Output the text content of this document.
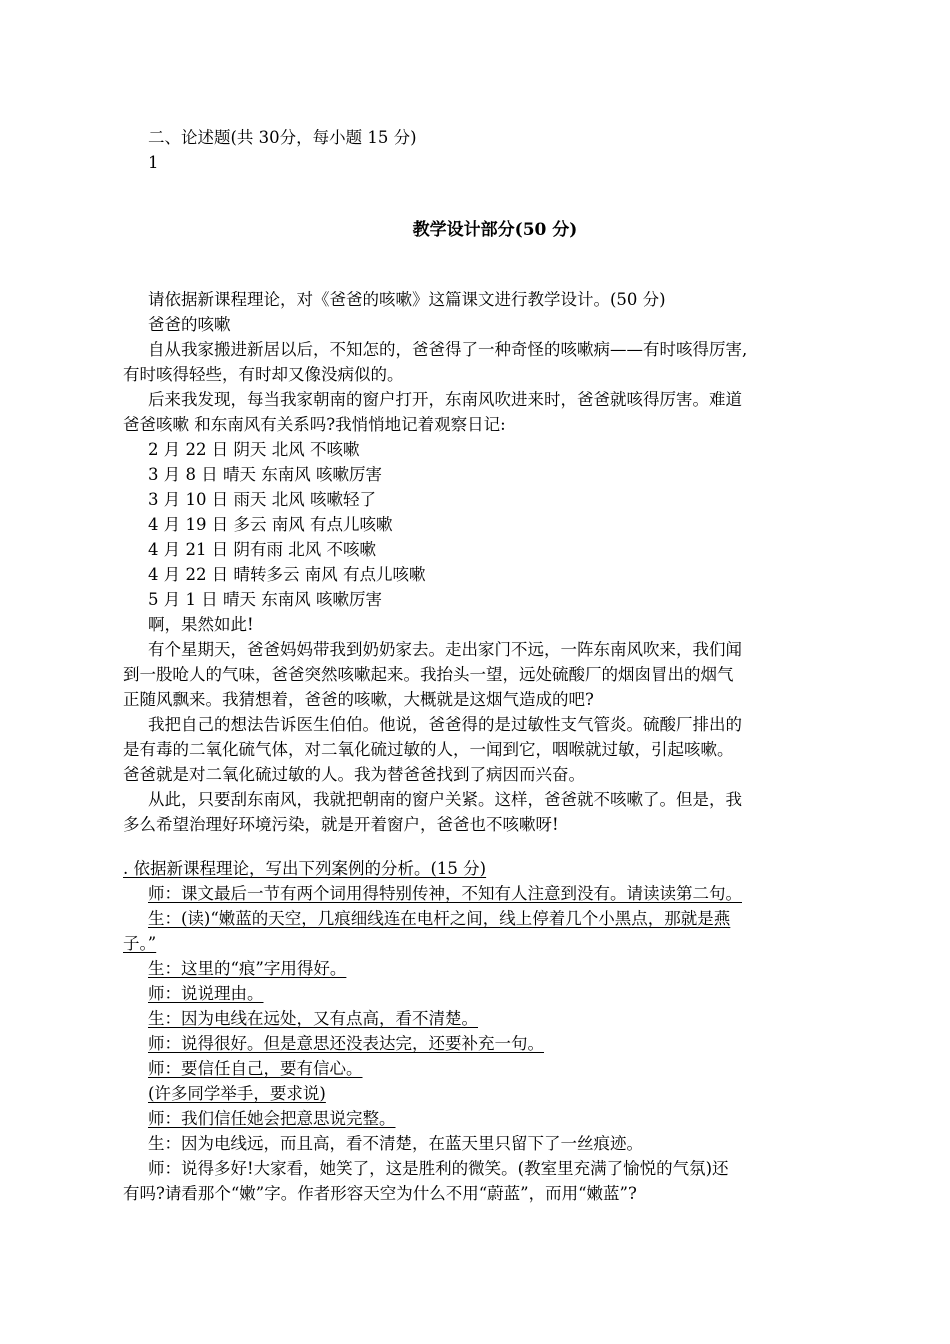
二、论述题(共 30分，每小题 15 分)
1
教学设计部分(50 分)
请依据新课程理论，对《爸爸的咳嗽》这篇课文进行教学设计。(50 分)
爸爸的咳嗽
自从我家搬进新居以后，不知怎的，爸爸得了一种奇怪的咳嗽病——有时咳得厉害,
有时咳得轻些，有时却又像没病似的。
后来我发现，每当我家朝南的窗户打开，东南风吹进来时，爸爸就咳得厉害。难道
爸爸咳嗽 和东南风有关系吗?我悄悄地记着观察日记:
2 月 22 日 阴天 北风 不咳嗽
3 月 8 日 晴天 东南风 咳嗽厉害
3 月 10 日 雨天 北风 咳嗽轻了
4 月 19 日 多云 南风 有点儿咳嗽
4 月 21 日 阴有雨 北风 不咳嗽
4 月 22 日 晴转多云 南风 有点儿咳嗽
5 月 1 日 晴天 东南风 咳嗽厉害
啊，果然如此!
有个星期天，爸爸妈妈带我到奶奶家去。走出家门不远，一阵东南风吹来，我们闻
到一股呛人的气味，爸爸突然咳嗽起来。我抬头一望，远处硫酸厂的烟囱冒出的烟气
正随风飘来。我猜想着，爸爸的咳嗽，大概就是这烟气造成的吧?
我把自己的想法告诉医生伯伯。他说，爸爸得的是过敏性支气管炎。硫酸厂排出的
是有毒的二氧化硫气体，对二氧化硫过敏的人，一闻到它，咽喉就过敏，引起咳嗽。
爸爸就是对二氧化硫过敏的人。我为替爸爸找到了病因而兴奋。
从此，只要刮东南风，我就把朝南的窗户关紧。这样，爸爸就不咳嗽了。但是，我
多么希望治理好环境污染，就是开着窗户，爸爸也不咳嗽呀!
. 依据新课程理论，写出下列案例的分析。(15 分)
师：课文最后一节有两个词用得特别传神，不知有人注意到没有。请读读第二句。
生：(读)“嫩蓝的天空，几痕细线连在电杆之间，线上停着几个小黑点，那就是燕
子。”
生：这里的“痕”字用得好。
师：说说理由。
生：因为电线在远处，又有点高，看不清楚。
师：说得很好。但是意思还没表达完，还要补充一句。
师：要信任自己，要有信心。
(许多同学举手，要求说)
师：我们信任她会把意思说完整。
生：因为电线远，而且高，看不清楚，在蓝天里只留下了一丝痕迹。
师：说得多好!大家看，她笑了，这是胜利的微笑。(教室里充满了愉悦的气氛)还
有吗?请看那个“嫩”字。作者形容天空为什么不用“蔚蓝”，而用“嫩蓝”?
